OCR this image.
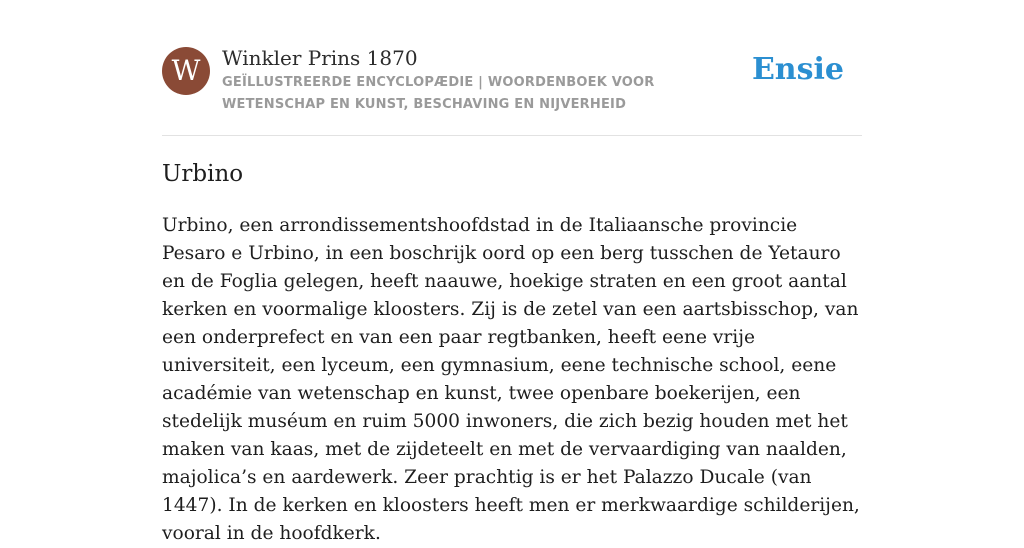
W	Winkler Prins 1870

GEÏLLUSTREERDE ENCYCLOPÆDIE | WOORDENBOEK VOOR WETENSCHAP EN KUNST, BESCHAVING EN NIJVERHEID

Ensie
Urbino

Urbino, een arrondissementshoofdstad in de Italiaansche provincie Pesaro e Urbino, in een boschrijk oord op een berg tusschen de Yetauro en de Foglia gelegen, heeft naauwe, hoekige straten en een groot aantal kerken en voormalige kloosters. Zij is de zetel van een aartsbisschop, van een onderprefect en van een paar regtbanken, heeft eene vrije universiteit, een lyceum, een gymnasium, eene technische school, eene académie van wetenschap en kunst, twee openbare boekerijen, een stedelijk muséum en ruim 5000 inwoners, die zich bezig houden met het maken van kaas, met de zijdeteelt en met de vervaardiging van naalden, majolica’s en aardewerk. Zeer prachtig is er het Palazzo Ducale (van 1447). In de kerken en kloosters heeft men er merkwaardige schilderijen, vooral in de hoofdkerk.
